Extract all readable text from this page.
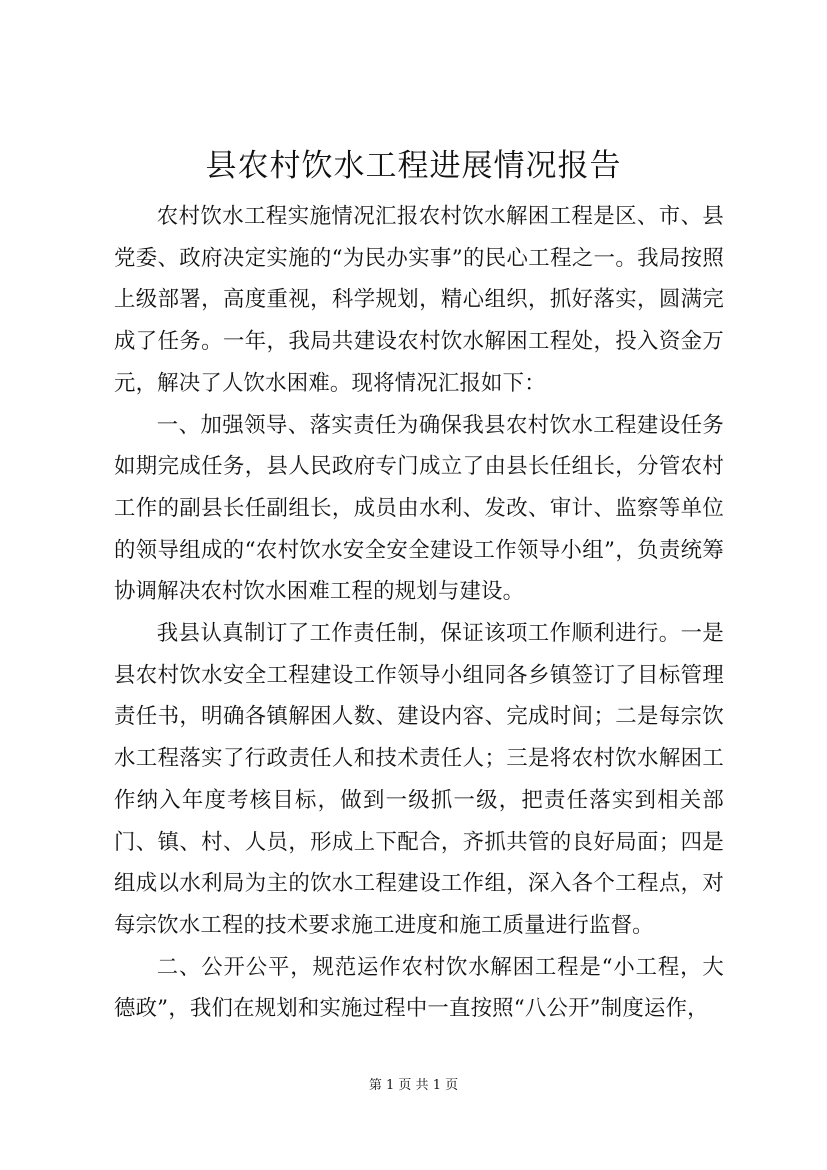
县农村饮水工程进展情况报告

农村饮水工程实施情况汇报农村饮水解困工程是区、市、县党委、政府决定实施的“为民办实事”的民心工程之一。我局按照上级部署，高度重视，科学规划，精心组织，抓好落实，圆满完成了任务。一年，我局共建设农村饮水解困工程处，投入资金万元，解决了人饮水困难。现将情况汇报如下：

一、加强领导、落实责任为确保我县农村饮水工程建设任务如期完成任务，县人民政府专门成立了由县长任组长，分管农村工作的副县长任副组长，成员由水利、发改、审计、监察等单位的领导组成的“农村饮水安全安全建设工作领导小组”，负责统筹协调解决农村饮水困难工程的规划与建设。

我县认真制订了工作责任制，保证该项工作顺利进行。一是县农村饮水安全工程建设工作领导小组同各乡镇签订了目标管理责任书，明确各镇解困人数、建设内容、完成时间；二是每宗饮水工程落实了行政责任人和技术责任人；三是将农村饮水解困工作纳入年度考核目标，做到一级抓一级，把责任落实到相关部门、镇、村、人员，形成上下配合，齐抓共管的良好局面；四是组成以水利局为主的饮水工程建设工作组，深入各个工程点，对每宗饮水工程的技术要求施工进度和施工质量进行监督。

二、公开公平，规范运作农村饮水解困工程是“小工程，大德政”，我们在规划和实施过程中一直按照“八公开”制度运作，

第 1 页 共 1 页
